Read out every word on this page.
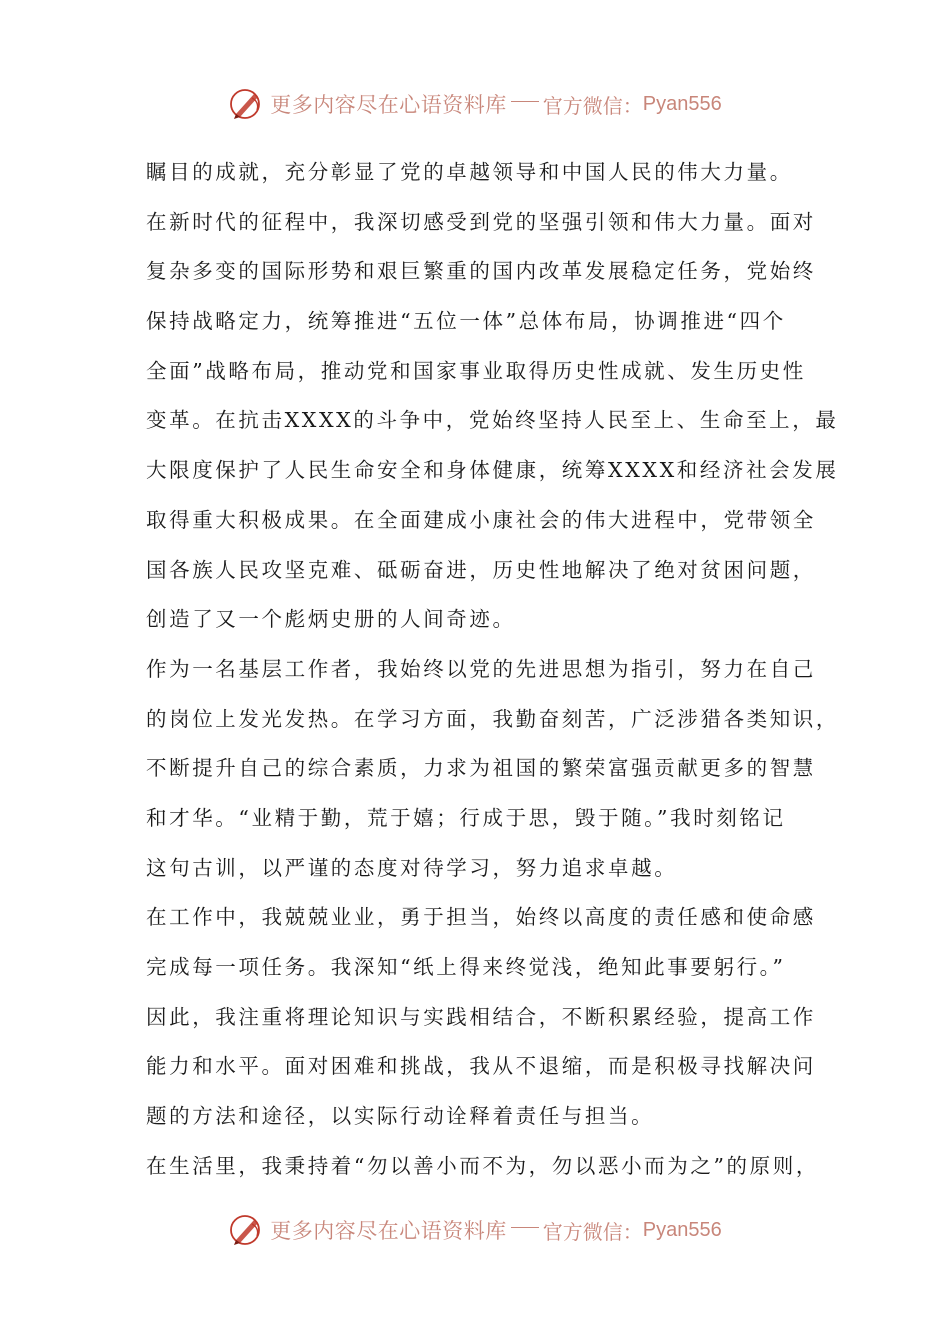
更多内容尽在心语资料库 官方微信： Pyan556
瞩目的成就，充分彰显了党的卓越领导和中国人民的伟大力量。
在新时代的征程中，我深切感受到党的坚强引领和伟大力量。面对
复杂多变的国际形势和艰巨繁重的国内改革发展稳定任务，党始终
保持战略定力，统筹推进“五位一体”总体布局，协调推进“四个
全面”战略布局，推动党和国家事业取得历史性成就、发生历史性
变革。在抗击XXXX的斗争中，党始终坚持人民至上、生命至上，最
大限度保护了人民生命安全和身体健康，统筹XXXX和经济社会发展
取得重大积极成果。在全面建成小康社会的伟大进程中，党带领全
国各族人民攻坚克难、砥砺奋进，历史性地解决了绝对贫困问题，
创造了又一个彪炳史册的人间奇迹。
作为一名基层工作者，我始终以党的先进思想为指引，努力在自己
的岗位上发光发热。在学习方面，我勤奋刻苦，广泛涉猎各类知识，
不断提升自己的综合素质，力求为祖国的繁荣富强贡献更多的智慧
和才华。“业精于勤，荒于嬉；行成于思，毁于随。”我时刻铭记
这句古训，以严谨的态度对待学习，努力追求卓越。
在工作中，我兢兢业业，勇于担当，始终以高度的责任感和使命感
完成每一项任务。我深知“纸上得来终觉浅，绝知此事要躬行。”
因此，我注重将理论知识与实践相结合，不断积累经验，提高工作
能力和水平。面对困难和挑战，我从不退缩，而是积极寻找解决问
题的方法和途径，以实际行动诠释着责任与担当。
在生活里，我秉持着“勿以善小而不为，勿以恶小而为之”的原则，
更多内容尽在心语资料库 官方微信： Pyan556
